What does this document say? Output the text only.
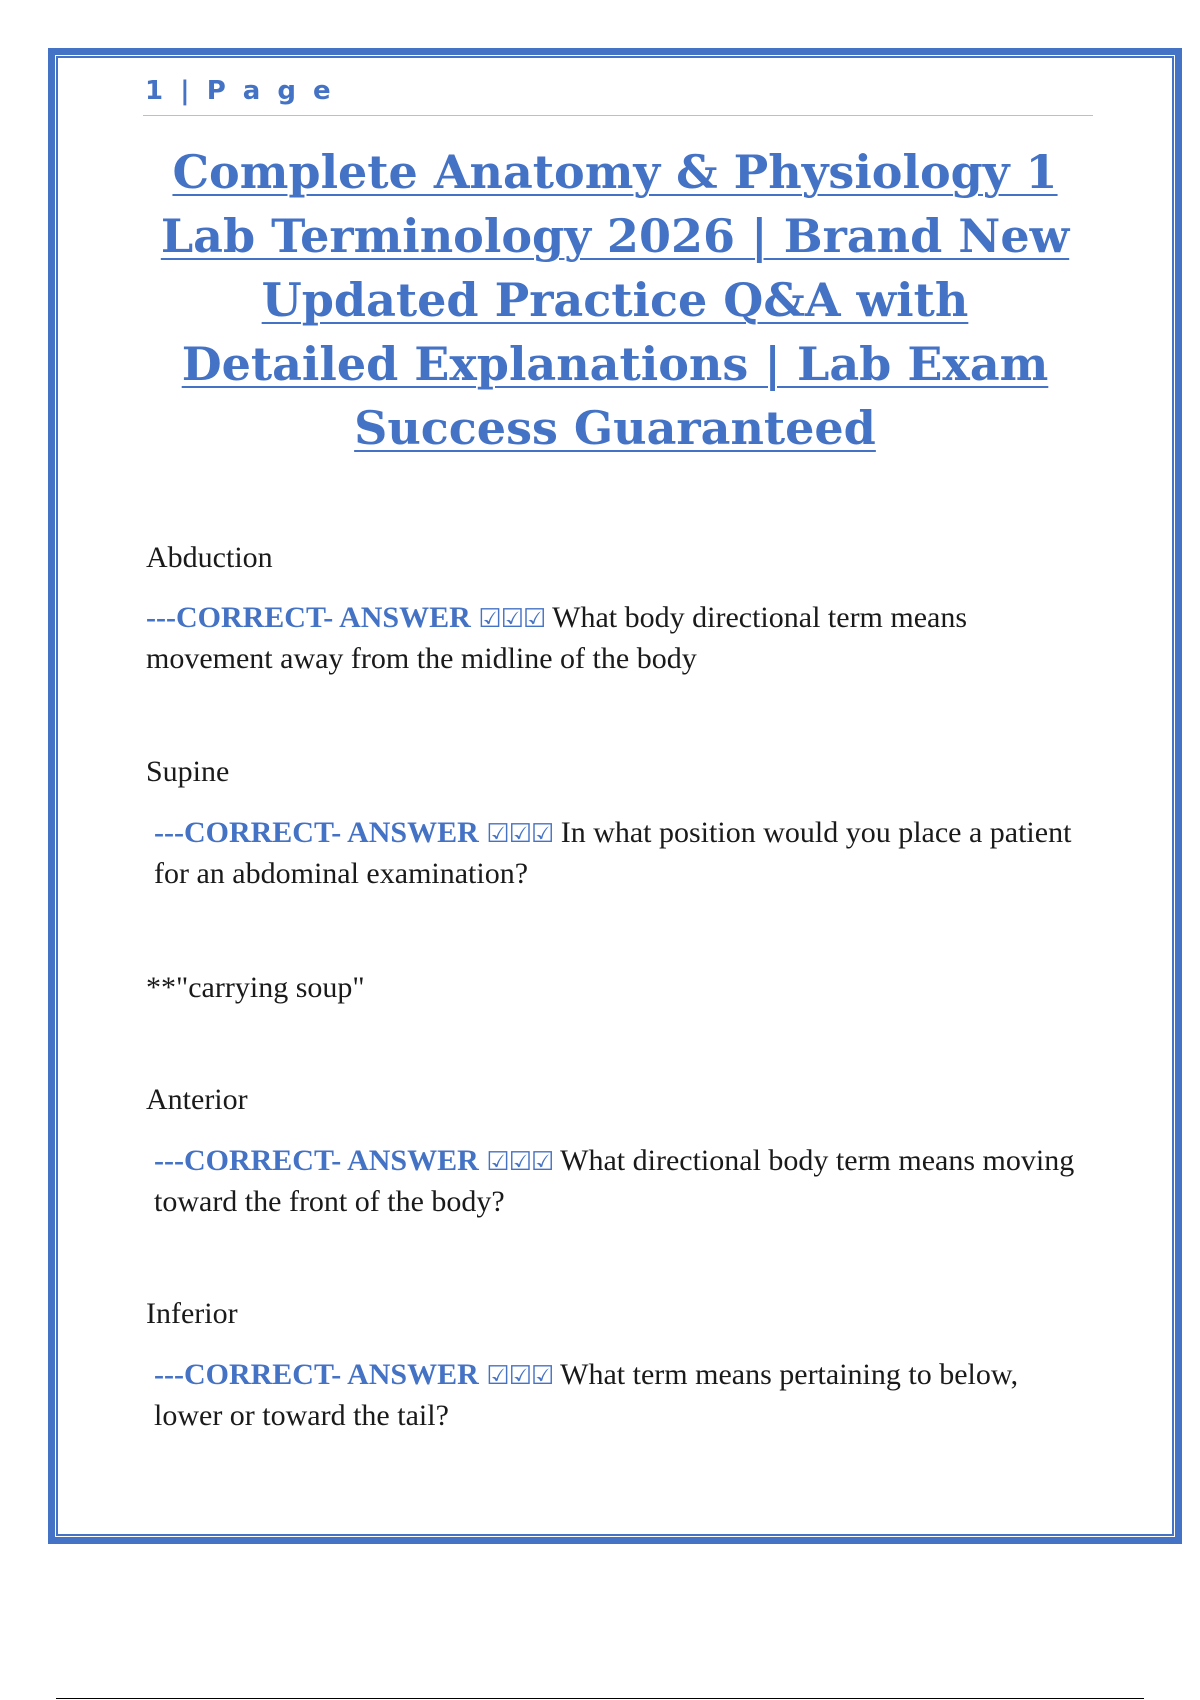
1 | P a g e
Complete Anatomy & Physiology 1 Lab Terminology 2026 | Brand New Updated Practice Q&A with Detailed Explanations | Lab Exam Success Guaranteed

Abduction

---CORRECT- ANSWER ☑☑☑ What body directional term means movement away from the midline of the body

Supine

---CORRECT- ANSWER ☑☑☑ In what position would you place a patient for an abdominal examination?

**"carrying soup"

Anterior

---CORRECT- ANSWER ☑☑☑ What directional body term means moving toward the front of the body?

Inferior

---CORRECT- ANSWER ☑☑☑ What term means pertaining to below, lower or toward the tail?
